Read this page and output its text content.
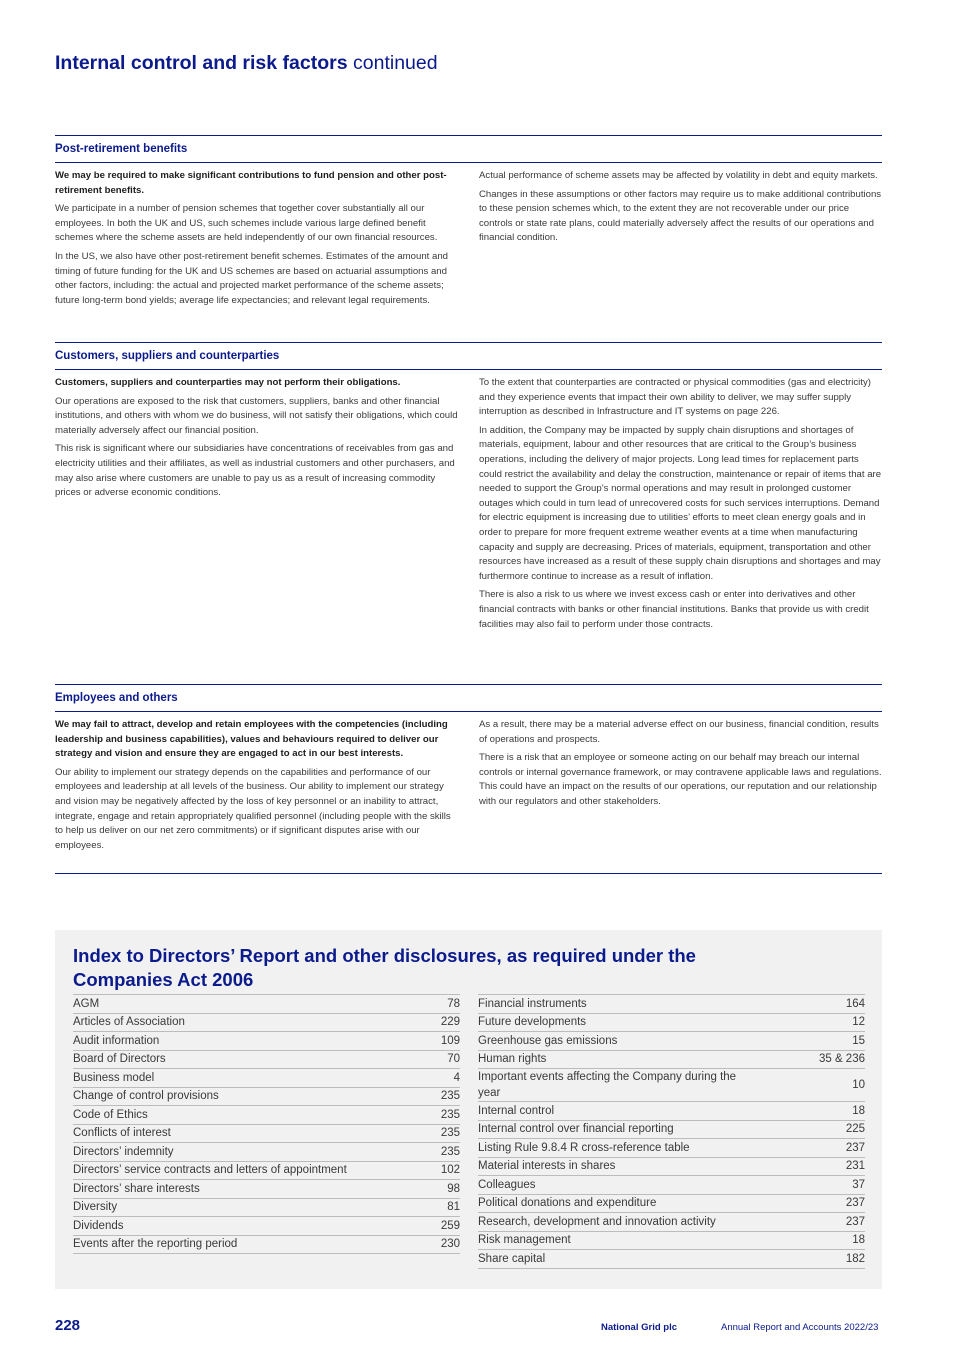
Internal control and risk factors continued
Post-retirement benefits

We may be required to make significant contributions to fund pension and other post-retirement benefits.

We participate in a number of pension schemes that together cover substantially all our employees. In both the UK and US, such schemes include various large defined benefit schemes where the scheme assets are held independently of our own financial resources.

In the US, we also have other post-retirement benefit schemes. Estimates of the amount and timing of future funding for the UK and US schemes are based on actuarial assumptions and other factors, including: the actual and projected market performance of the scheme assets; future long-term bond yields; average life expectancies; and relevant legal requirements.

Actual performance of scheme assets may be affected by volatility in debt and equity markets.

Changes in these assumptions or other factors may require us to make additional contributions to these pension schemes which, to the extent they are not recoverable under our price controls or state rate plans, could materially adversely affect the results of our operations and financial condition.

Customers, suppliers and counterparties

Customers, suppliers and counterparties may not perform their obligations.

Our operations are exposed to the risk that customers, suppliers, banks and other financial institutions, and others with whom we do business, will not satisfy their obligations, which could materially adversely affect our financial position.

This risk is significant where our subsidiaries have concentrations of receivables from gas and electricity utilities and their affiliates, as well as industrial customers and other purchasers, and may also arise where customers are unable to pay us as a result of increasing commodity prices or adverse economic conditions.

To the extent that counterparties are contracted or physical commodities (gas and electricity) and they experience events that impact their own ability to deliver, we may suffer supply interruption as described in Infrastructure and IT systems on page 226.

In addition, the Company may be impacted by supply chain disruptions and shortages of materials, equipment, labour and other resources that are critical to the Group’s business operations, including the delivery of major projects. Long lead times for replacement parts could restrict the availability and delay the construction, maintenance or repair of items that are needed to support the Group’s normal operations and may result in prolonged customer outages which could in turn lead of unrecovered costs for such services interruptions. Demand for electric equipment is increasing due to utilities’ efforts to meet clean energy goals and in order to prepare for more frequent extreme weather events at a time when manufacturing capacity and supply are decreasing. Prices of materials, equipment, transportation and other resources have increased as a result of these supply chain disruptions and shortages and may furthermore continue to increase as a result of inflation.

There is also a risk to us where we invest excess cash or enter into derivatives and other financial contracts with banks or other financial institutions. Banks that provide us with credit facilities may also fail to perform under those contracts.

Employees and others

We may fail to attract, develop and retain employees with the competencies (including leadership and business capabilities), values and behaviours required to deliver our strategy and vision and ensure they are engaged to act in our best interests.

Our ability to implement our strategy depends on the capabilities and performance of our employees and leadership at all levels of the business. Our ability to implement our strategy and vision may be negatively affected by the loss of key personnel or an inability to attract, integrate, engage and retain appropriately qualified personnel (including people with the skills to help us deliver on our net zero commitments) or if significant disputes arise with our employees.

As a result, there may be a material adverse effect on our business, financial condition, results of operations and prospects.

There is a risk that an employee or someone acting on our behalf may breach our internal controls or internal governance framework, or may contravene applicable laws and regulations. This could have an impact on the results of our operations, our reputation and our relationship with our regulators and other stakeholders.

Index to Directors’ Report and other disclosures, as required under the Companies Act 2006
AGM	78
Articles of Association	229
Audit information	109
Board of Directors	70
Business model	4
Change of control provisions	235
Code of Ethics	235
Conflicts of interest	235
Directors’ indemnity	235
Directors’ service contracts and letters of appointment	102
Directors’ share interests	98
Diversity	81
Dividends	259
Events after the reporting period	230
Financial instruments	164
Future developments	12
Greenhouse gas emissions	15
Human rights	35 & 236
Important events affecting the Company during the year
10
Internal control	18
Internal control over financial reporting	225
Listing Rule 9.8.4 R cross-reference table	237
Material interests in shares	231
Colleagues	37
Political donations and expenditure	237
Research, development and innovation activity	237
Risk management	18
Share capital	182
228	National Grid plc	Annual Report and Accounts 2022/23
